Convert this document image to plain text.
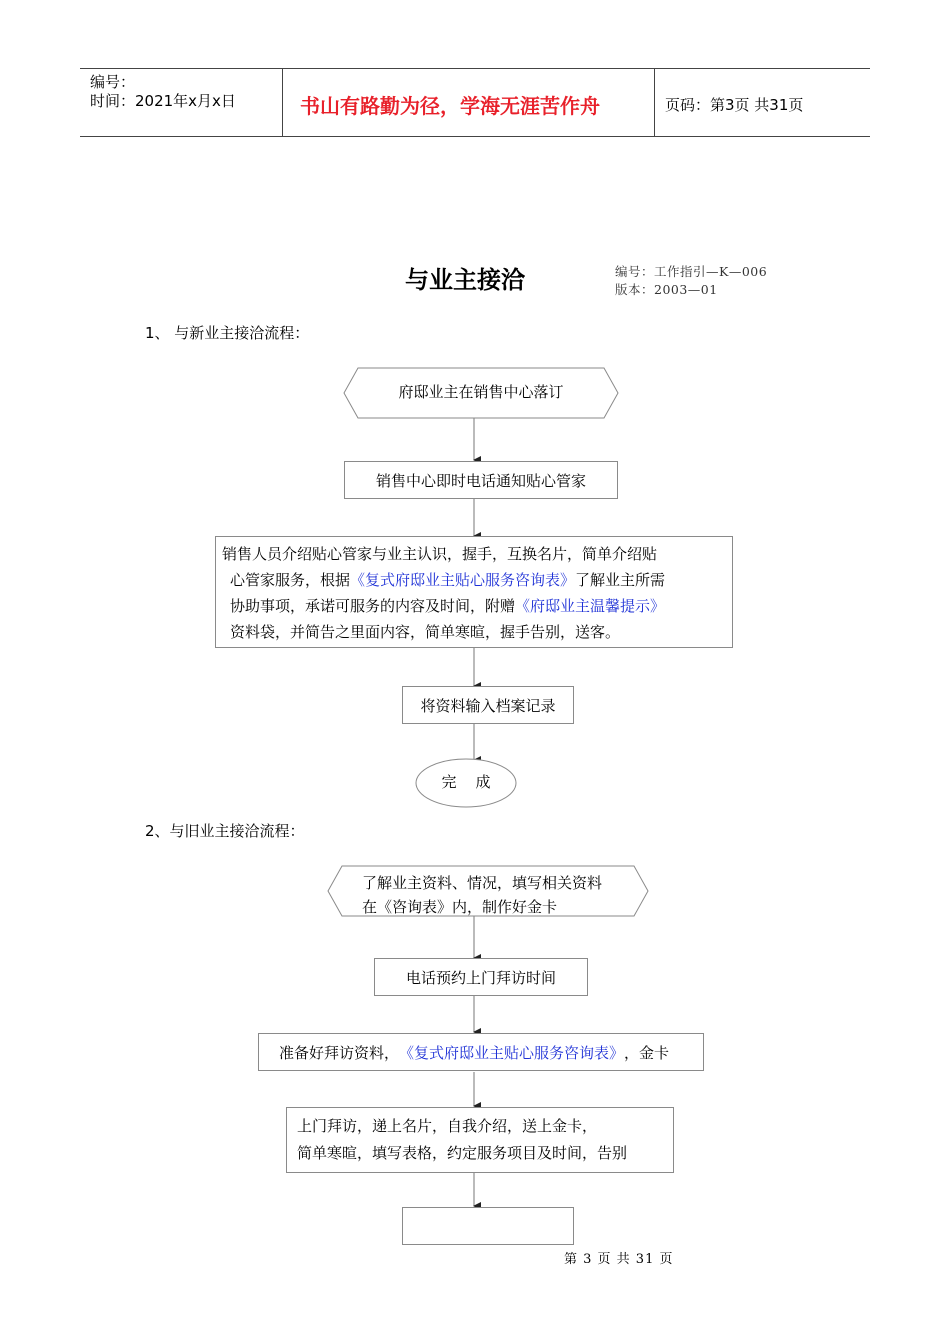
编号：
时间：2021年x月x日	书山有路勤为径，学海无涯苦作舟	页码：第3页 共31页
与业主接洽	编号：工作指引—K—006
版本：2003—01
1、 与新业主接洽流程：
府邸业主在销售中心落订
销售中心即时电话通知贴心管家
销售人员介绍贴心管家与业主认识，握手，互换名片，简单介绍贴
心管家服务，根据《复式府邸业主贴心服务咨询表》了解业主所需
协助事项，承诺可服务的内容及时间，附赠《府邸业主温馨提示》
资料袋，并简告之里面内容，简单寒暄，握手告别，送客。
将资料输入档案记录
完    成
2、与旧业主接洽流程：
了解业主资料、情况，填写相关资料
在《咨询表》内，制作好金卡
电话预约上门拜访时间
准备好拜访资料， 《复式府邸业主贴心服务咨询表》 ，金卡
上门拜访，递上名片，自我介绍，送上金卡，
简单寒暄，填写表格，约定服务项目及时间，告别
第 3 页 共 31 页
